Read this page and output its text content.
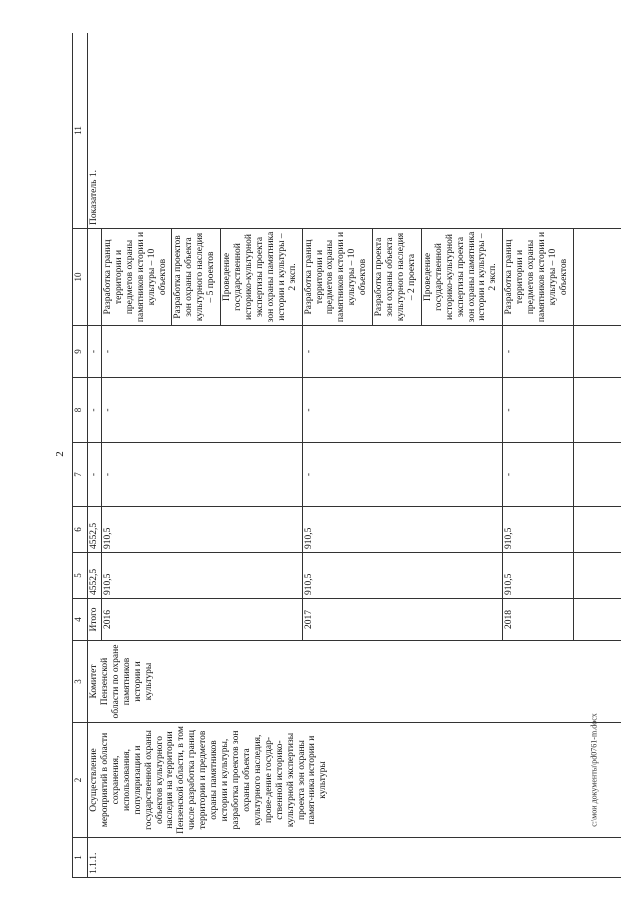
2
1	2	3	4	5	6	7	8	9	10	11
1.1.1.	Осуществление мероприятий в области сохранения, использования, популяризации и государственной охраны объектов культурного наследия на территории Пензенской области, в том числе разработка границ территории и предметов охраны памятников истории и культуры, разработка проектов зон охраны объекта культурного наследия, прове-дение государ-ственной историко-культурной экспертизы проекта зон охраны памят-ника истории и культуры	Комитет Пензенской области по охране памятников истории и культуры	Итого	4552,5	4552,5	-	-	-		Показатель 1.
			2016	910,5	910,5	-	-	-	Разработка границ территории и предметов охраны памятников истории и культуры – 10 объектов Разработка проектов зон охраны объекта культурного наследия – 5 проектов Проведение государственной историко-культурной экспертизы проекта зон охраны памятника истории и культуры – 2 эксп.	

			2017	910,5	910,5	-	-	-	Разработка границ территории и предметов охраны памятников истории и культуры – 10 объектов Разработка проекта зон охраны объекта культурного наследия – 2 проекта Проведение государственной историко-культурной экспертизы проекта зон охраны памятника истории и культуры – 2 эксп.	

			2018	910,5	910,5	-	-	-	Разработка границ территории и предметов охраны памятников истории и культуры – 10 объектов	

c:\мои документы\pd0761-m.docx
